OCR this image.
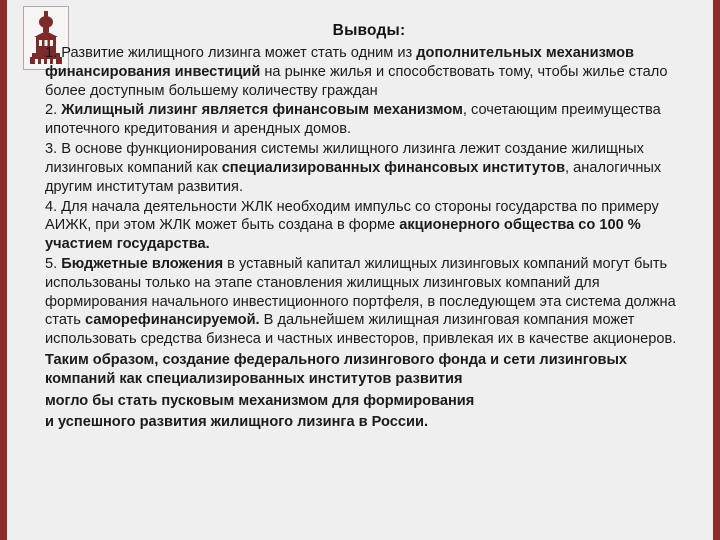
Выводы:

1. Развитие жилищного лизинга может стать одним из дополнительных механизмов финансирования инвестиций на рынке жилья и способствовать тому, чтобы жилье стало более доступным большему количеству граждан

2. Жилищный лизинг является финансовым механизмом, сочетающим преимущества ипотечного кредитования и арендных домов.

3. В основе функционирования системы жилищного лизинга лежит создание жилищных лизинговых компаний как специализированных финансовых институтов, аналогичных другим институтам развития.

4. Для начала деятельности ЖЛК необходим импульс со стороны государства по примеру АИЖК, при этом ЖЛК может быть создана в форме акционерного общества со 100 % участием государства.

5. Бюджетные вложения в уставный капитал жилищных лизинговых компаний могут быть использованы только на этапе становления жилищных лизинговых компаний для формирования начального инвестиционного портфеля, в последующем эта система должна стать саморефинансируемой. В дальнейшем жилищная лизинговая компания может использовать средства бизнеса и частных инвесторов, привлекая их в качестве акционеров.

Таким образом, создание федерального лизингового фонда и сети лизинговых компаний как специализированных институтов развития

могло бы стать пусковым механизмом для формирования

и успешного развития жилищного лизинга в России.
